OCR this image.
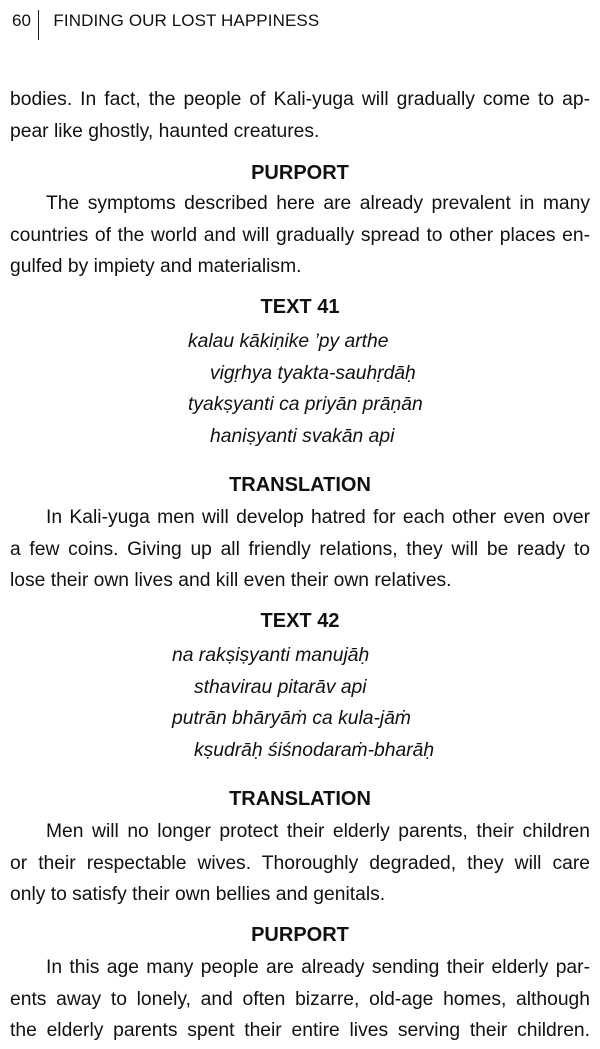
60	FINDING OUR LOST HAPPINESS
bodies. In fact, the people of Kali-yuga will gradually come to ap-
pear like ghostly, haunted creatures.

PURPORT

The symptoms described here are already prevalent in many
countries of the world and will gradually spread to other places en-
gulfed by impiety and materialism.

TEXT 41

kalau kākiṇike ’py arthe

vigṛhya tyakta-sauhṛdāḥ

tyakṣyanti ca priyān prāṇān

haniṣyanti svakān api

TRANSLATION

In Kali-yuga men will develop hatred for each other even over
a few coins. Giving up all friendly relations, they will be ready to
lose their own lives and kill even their own relatives.

TEXT 42

na rakṣiṣyanti manujāḥ

sthavirau pitarāv api

putrān bhāryāṁ ca kula-jāṁ

kṣudrāḥ śiśnodaraṁ-bharāḥ

TRANSLATION

Men will no longer protect their elderly parents, their children
or their respectable wives. Thoroughly degraded, they will care
only to satisfy their own bellies and genitals.

PURPORT

In this age many people are already sending their elderly par-
ents away to lonely, and often bizarre, old-age homes, although
the elderly parents spent their entire lives serving their children.
